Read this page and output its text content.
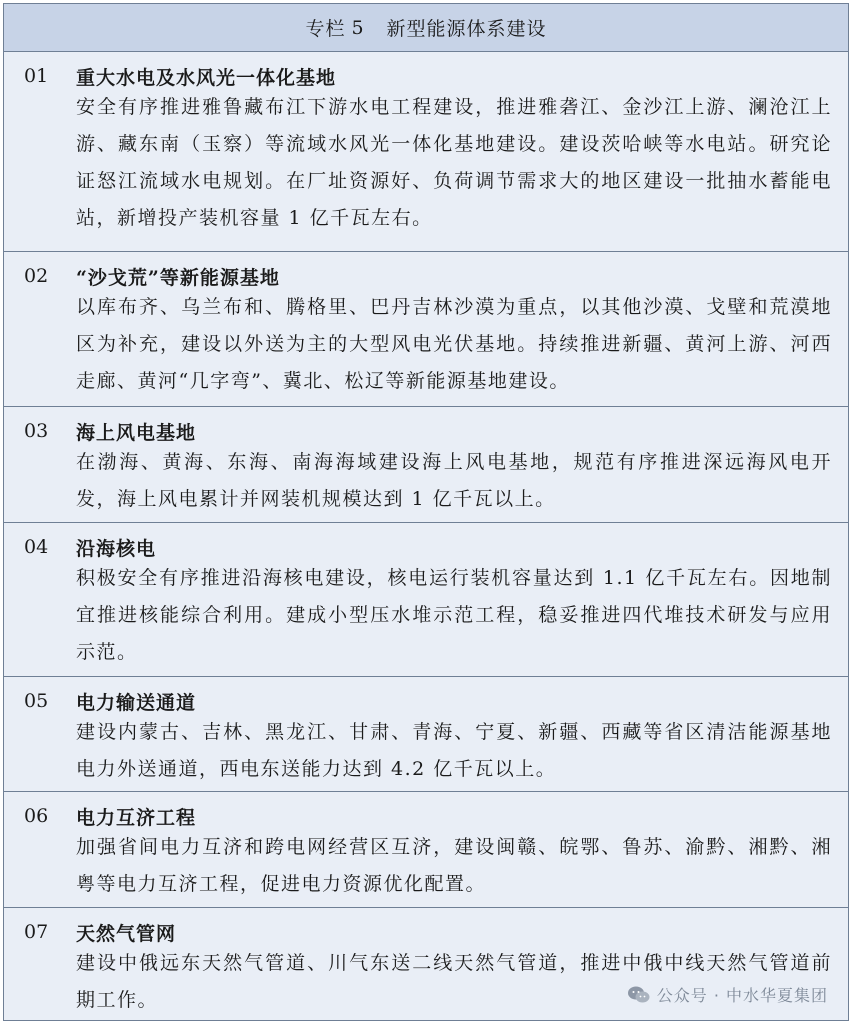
专栏 5 新型能源体系建设
01	重大水电及水风光一体化基地
安全有序推进雅鲁藏布江下游水电工程建设，推进雅砻江、金沙江上游、澜沧江上游、藏东南（玉察）等流域水风光一体化基地建设。建设茨哈峡等水电站。研究论证怒江流域水电规划。在厂址资源好、负荷调节需求大的地区建设一批抽水蓄能电站，新增投产装机容量 1 亿千瓦左右。
02	“沙戈荒”等新能源基地
以库布齐、乌兰布和、腾格里、巴丹吉林沙漠为重点，以其他沙漠、戈壁和荒漠地区为补充，建设以外送为主的大型风电光伏基地。持续推进新疆、黄河上游、河西走廊、黄河“几字弯”、冀北、松辽等新能源基地建设。
03	海上风电基地
在渤海、黄海、东海、南海海域建设海上风电基地，规范有序推进深远海风电开发，海上风电累计并网装机规模达到 1 亿千瓦以上。
04	沿海核电
积极安全有序推进沿海核电建设，核电运行装机容量达到 1.1 亿千瓦左右。因地制宜推进核能综合利用。建成小型压水堆示范工程，稳妥推进四代堆技术研发与应用示范。
05	电力输送通道
建设内蒙古、吉林、黑龙江、甘肃、青海、宁夏、新疆、西藏等省区清洁能源基地电力外送通道，西电东送能力达到 4.2 亿千瓦以上。
06	电力互济工程
加强省间电力互济和跨电网经营区互济，建设闽赣、皖鄂、鲁苏、渝黔、湘黔、湘粤等电力互济工程，促进电力资源优化配置。
07	天然气管网
建设中俄远东天然气管道、川气东送二线天然气管道，推进中俄中线天然气管道前期工作。	公众号 · 中水华夏集团
